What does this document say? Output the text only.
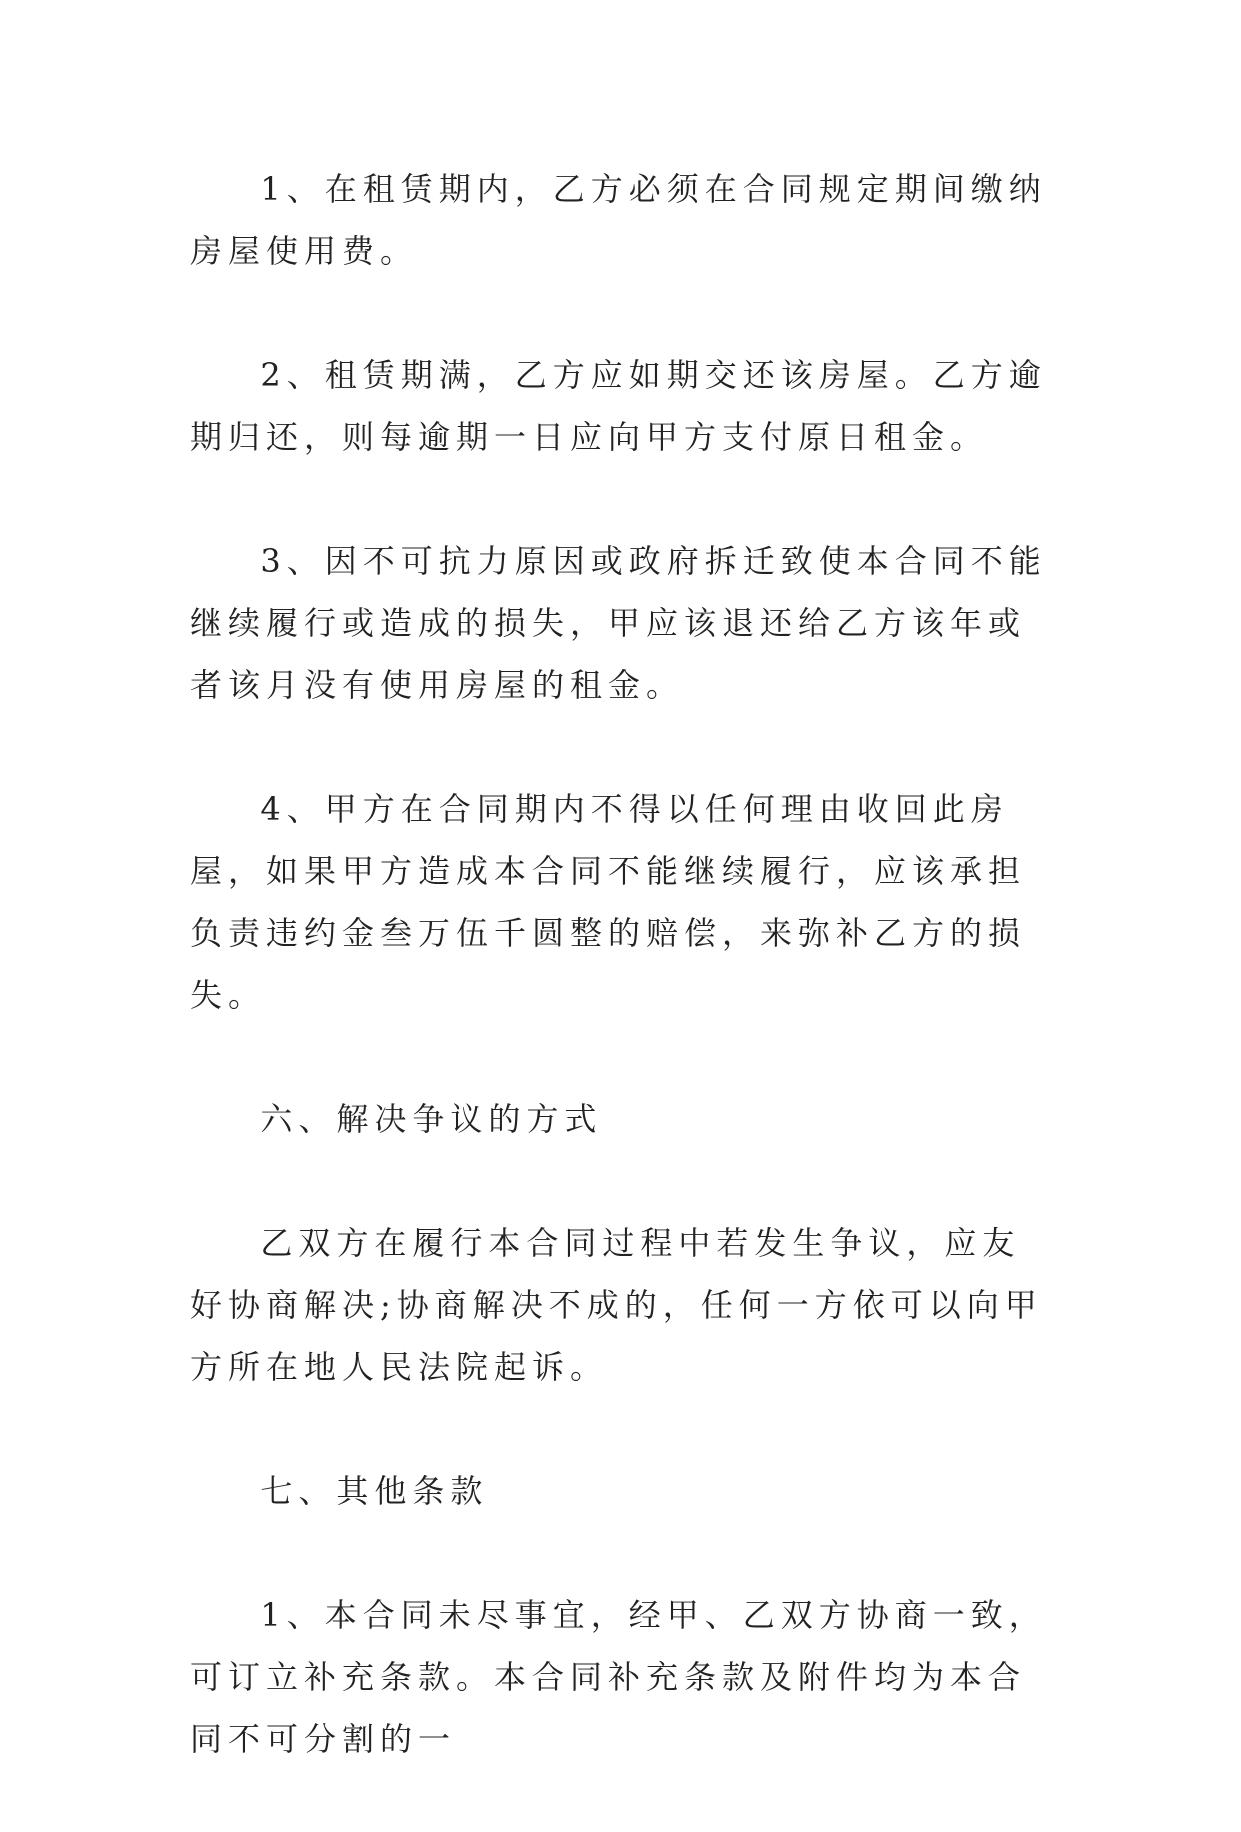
1、在租赁期内，乙方必须在合同规定期间缴纳房屋使用费。

2、租赁期满，乙方应如期交还该房屋。乙方逾期归还，则每逾期一日应向甲方支付原日租金。

3、因不可抗力原因或政府拆迁致使本合同不能继续履行或造成的损失，甲应该退还给乙方该年或者该月没有使用房屋的租金。

4、甲方在合同期内不得以任何理由收回此房屋，如果甲方造成本合同不能继续履行，应该承担负责违约金叁万伍千圆整的赔偿，来弥补乙方的损失。

六、解决争议的方式

乙双方在履行本合同过程中若发生争议，应友好协商解决;协商解决不成的，任何一方依可以向甲方所在地人民法院起诉。

七、其他条款

1、本合同未尽事宜，经甲、乙双方协商一致，可订立补充条款。本合同补充条款及附件均为本合同不可分割的一
